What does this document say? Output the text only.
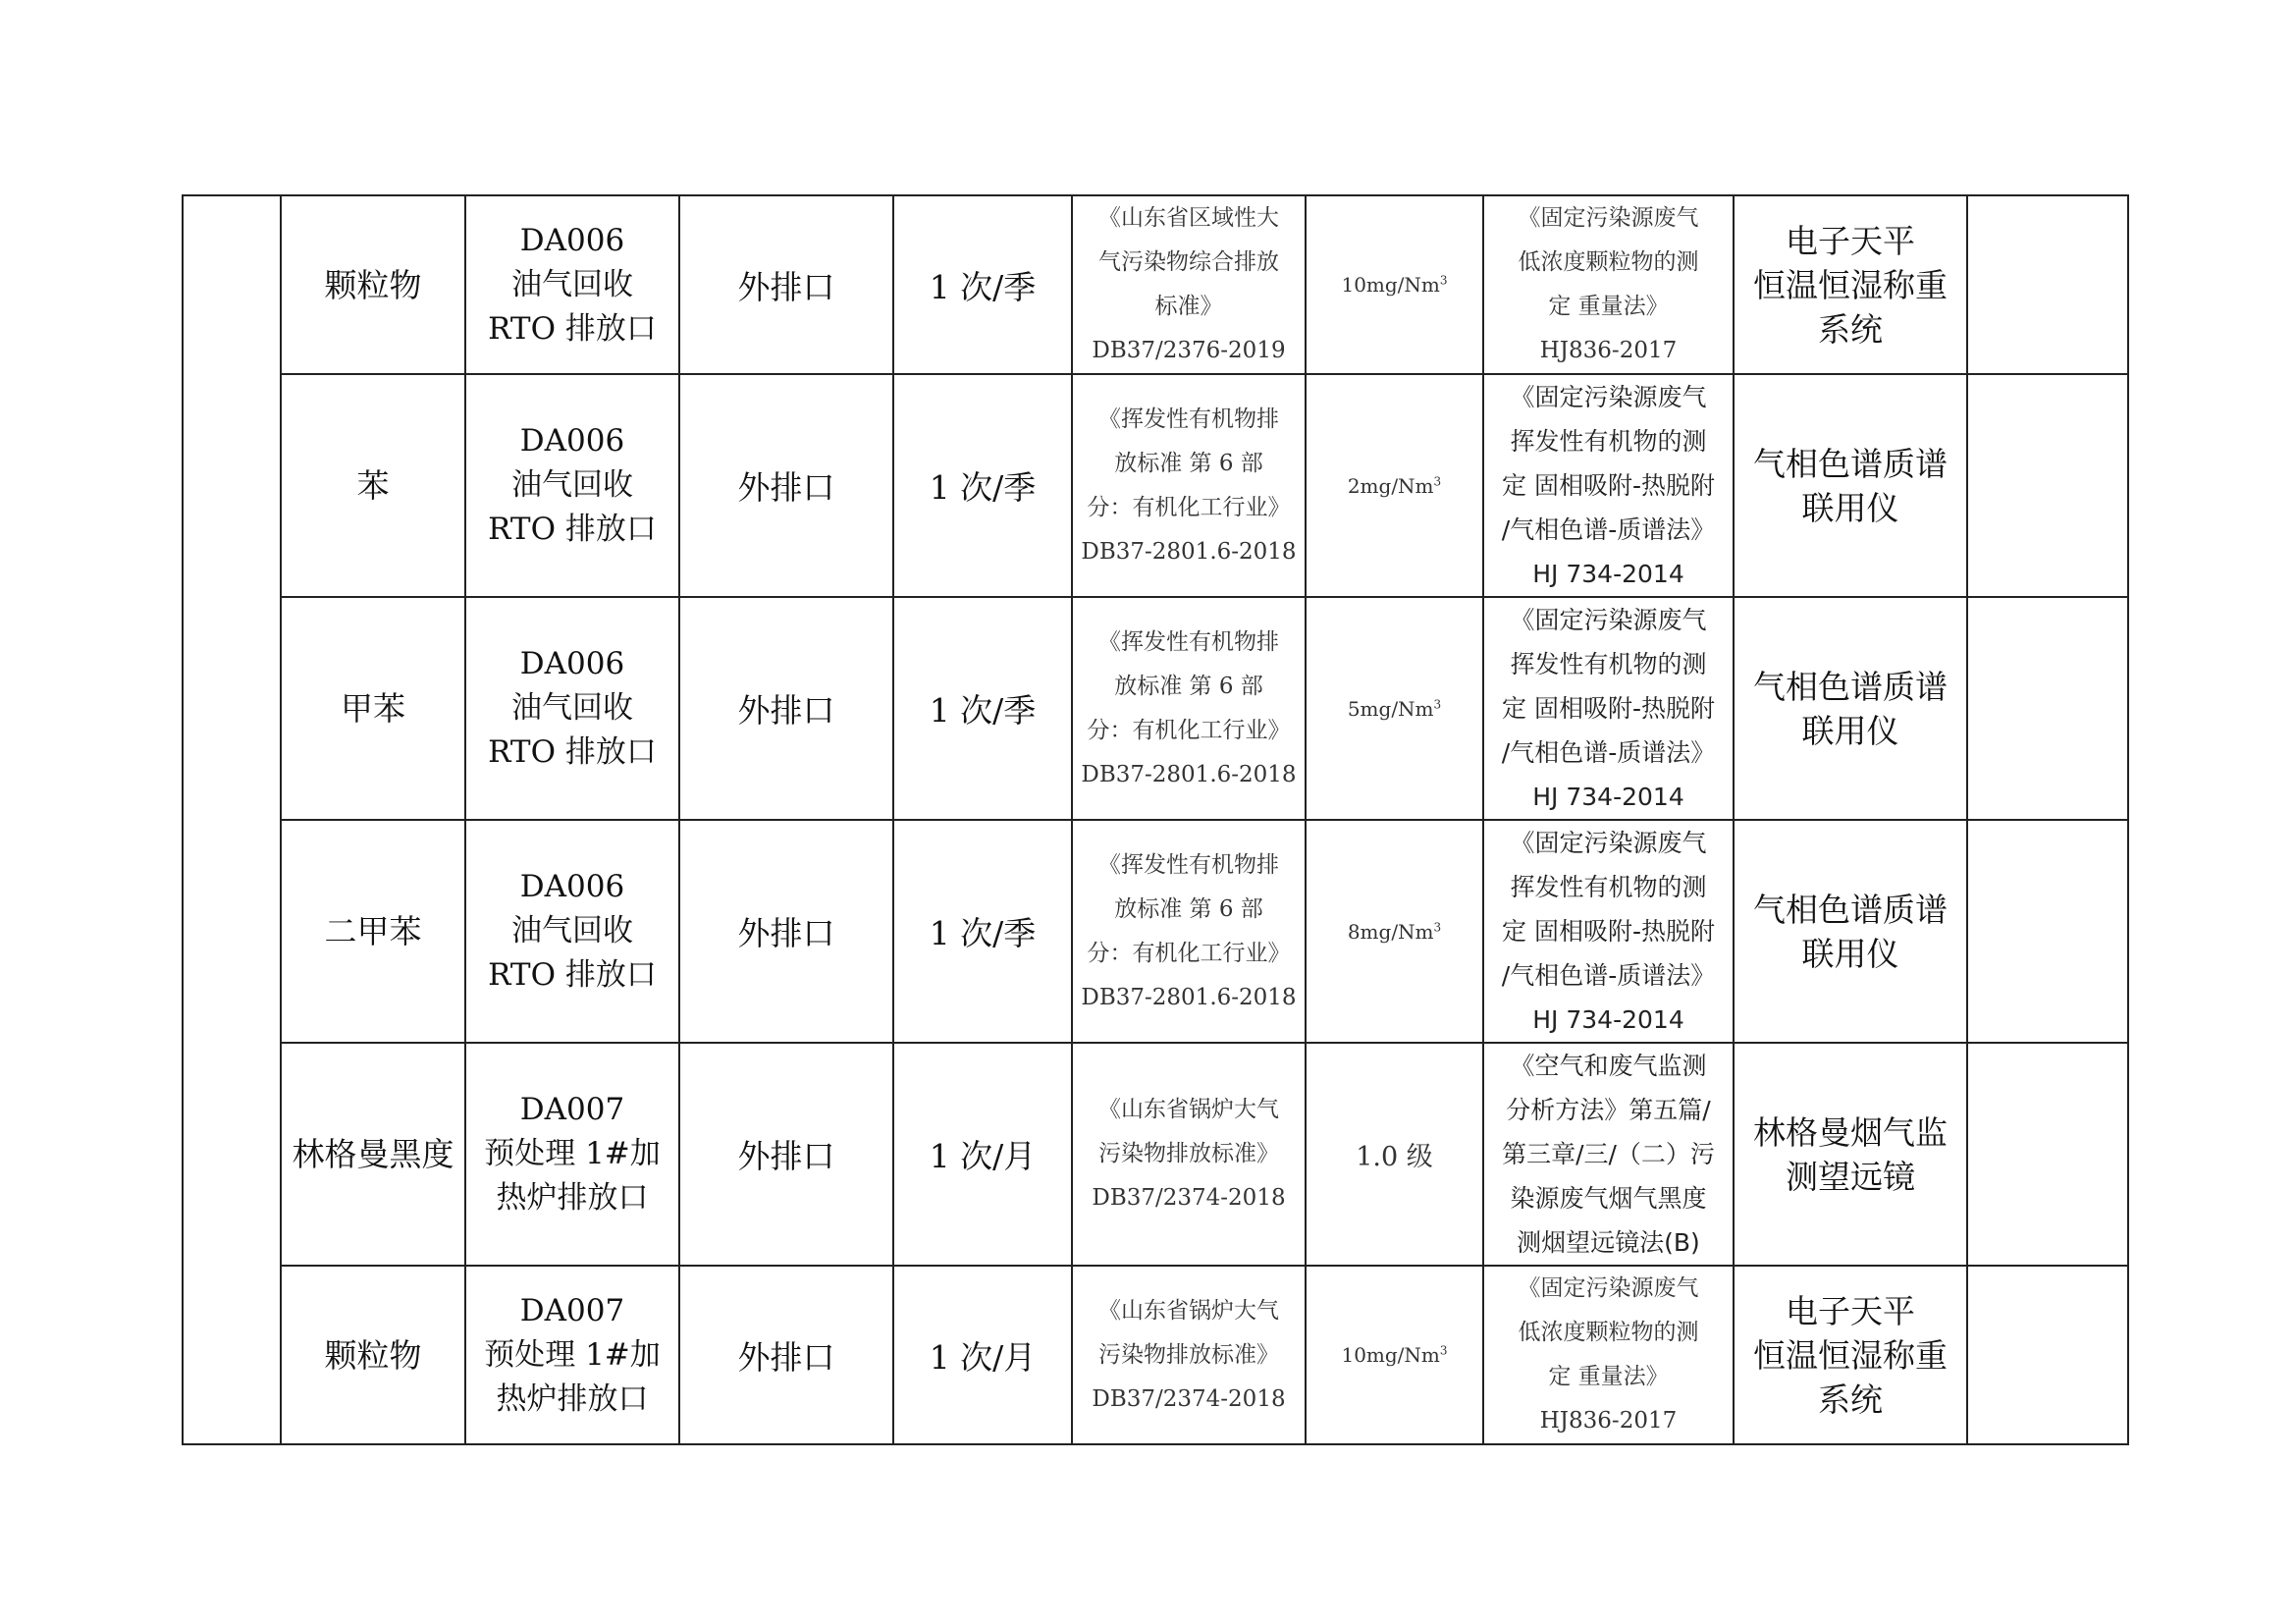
	颗粒物	DA006
油气回收
RTO 排放口	外排口	1 次/季	《山东省区域性大
气污染物综合排放
标准》
DB37/2376-2019	10mg/Nm$^3$	《固定污染源废气
低浓度颗粒物的测
定 重量法》
HJ836-2017	电子天平
恒温恒湿称重
系统	

	苯	DA006
油气回收
RTO 排放口	外排口	1 次/季	《挥发性有机物排
放标准 第 6 部
分：有机化工行业》
DB37-2801.6-2018	2mg/Nm$^3$	《固定污染源废气
挥发性有机物的测
定 固相吸附-热脱附
/气相色谱-质谱法》
HJ 734-2014	气相色谱质谱
联用仪	

	甲苯	DA006
油气回收
RTO 排放口	外排口	1 次/季	《挥发性有机物排
放标准 第 6 部
分：有机化工行业》
DB37-2801.6-2018	5mg/Nm$^3$	《固定污染源废气
挥发性有机物的测
定 固相吸附-热脱附
/气相色谱-质谱法》
HJ 734-2014	气相色谱质谱
联用仪	

	二甲苯	DA006
油气回收
RTO 排放口	外排口	1 次/季	《挥发性有机物排
放标准 第 6 部
分：有机化工行业》
DB37-2801.6-2018	8mg/Nm$^3$	《固定污染源废气
挥发性有机物的测
定 固相吸附-热脱附
/气相色谱-质谱法》
HJ 734-2014	气相色谱质谱
联用仪	

	林格曼黑度	DA007
预处理 1#加
热炉排放口	外排口	1 次/月	《山东省锅炉大气
污染物排放标准》
DB37/2374-2018	1.0 级	《空气和废气监测
分析方法》第五篇/
第三章/三/（二）污
染源废气烟气黑度
测烟望远镜法(B)	林格曼烟气监
测望远镜	

	颗粒物	DA007
预处理 1#加
热炉排放口	外排口	1 次/月	《山东省锅炉大气
污染物排放标准》
DB37/2374-2018	10mg/Nm$^3$	《固定污染源废气
低浓度颗粒物的测
定 重量法》
HJ836-2017	电子天平
恒温恒湿称重
系统	
